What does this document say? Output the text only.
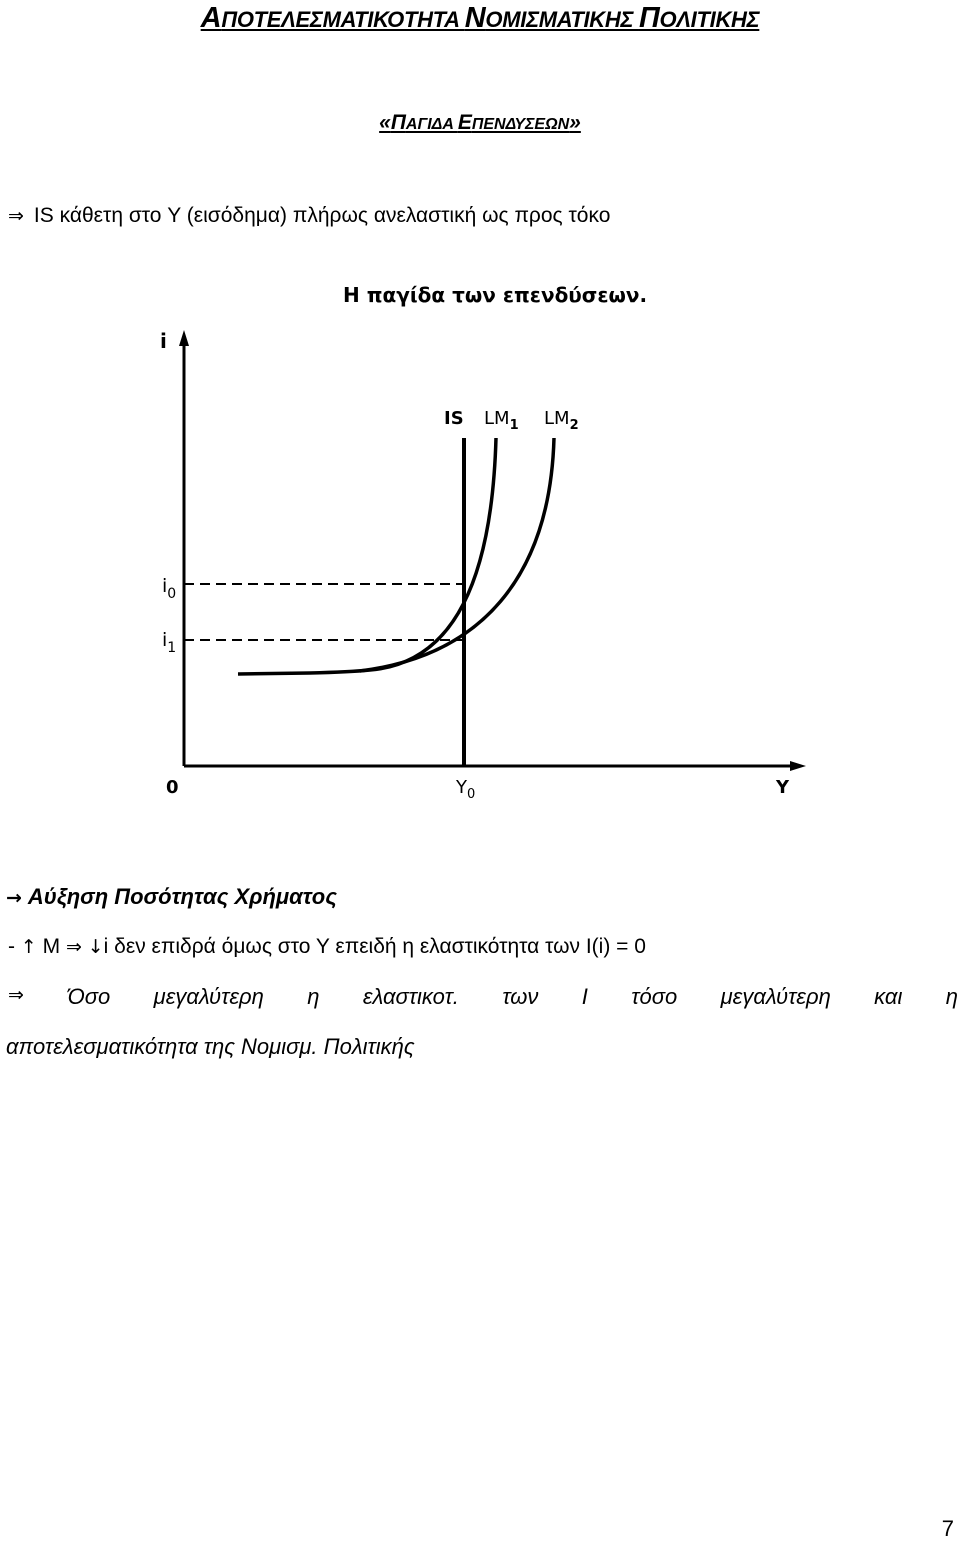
ΑΠΟΤΕΛΕΣΜΑΤΙΚΟΤΗΤΑ ΝΟΜΙΣΜΑΤΙΚΗΣ ΠΟΛΙΤΙΚΗΣ
«ΠΑΓΙΔΑ ΕΠΕΝΔΥΣΕΩΝ»
⇒ IS κάθετη στο Y (εισόδημα) πλήρως ανελαστική ως προς τόκο
Η παγίδα των επενδύσεων.
i
Y
0
$i_0$
$i_1$
$Y_0$
IS $LM_1$ $LM_2$
→ Αύξηση Ποσότητας Χρήματος
- ↑ M ⇒ ↓i δεν επιδρά όμως στο Υ επειδή η ελαστικότητα των I(i) = 0
⇒ Όσο μεγαλύτερη η ελαστικοτ. των Ι τόσο μεγαλύτερη και η
αποτελεσματικότητα της Νομισμ. Πολιτικής
7
